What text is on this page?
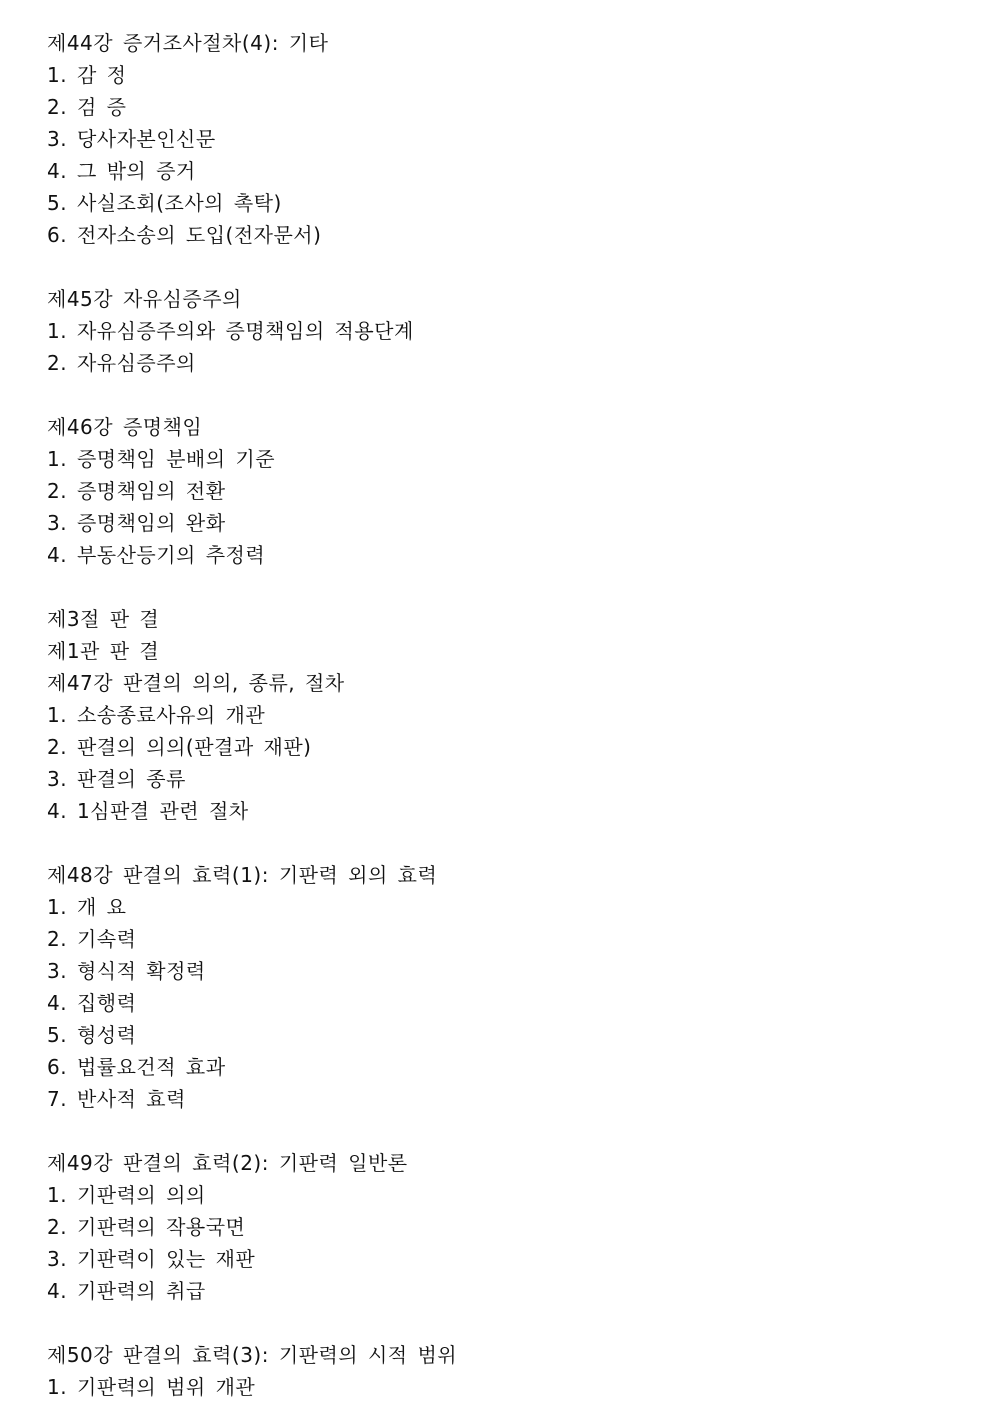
제44강 증거조사절차(4): 기타
1. 감 정
2. 검 증
3. 당사자본인신문
4. 그 밖의 증거
5. 사실조회(조사의 촉탁)
6. 전자소송의 도입(전자문서)
제45강 자유심증주의
1. 자유심증주의와 증명책임의 적용단계
2. 자유심증주의
제46강 증명책임
1. 증명책임 분배의 기준
2. 증명책임의 전환
3. 증명책임의 완화
4. 부동산등기의 추정력
제3절 판 결
제1관 판 결
제47강 판결의 의의, 종류, 절차
1. 소송종료사유의 개관
2. 판결의 의의(판결과 재판)
3. 판결의 종류
4. 1심판결 관련 절차
제48강 판결의 효력(1): 기판력 외의 효력
1. 개 요
2. 기속력
3. 형식적 확정력
4. 집행력
5. 형성력
6. 법률요건적 효과
7. 반사적 효력
제49강 판결의 효력(2): 기판력 일반론
1. 기판력의 의의
2. 기판력의 작용국면
3. 기판력이 있는 재판
4. 기판력의 취급
제50강 판결의 효력(3): 기판력의 시적 범위
1. 기판력의 범위 개관
